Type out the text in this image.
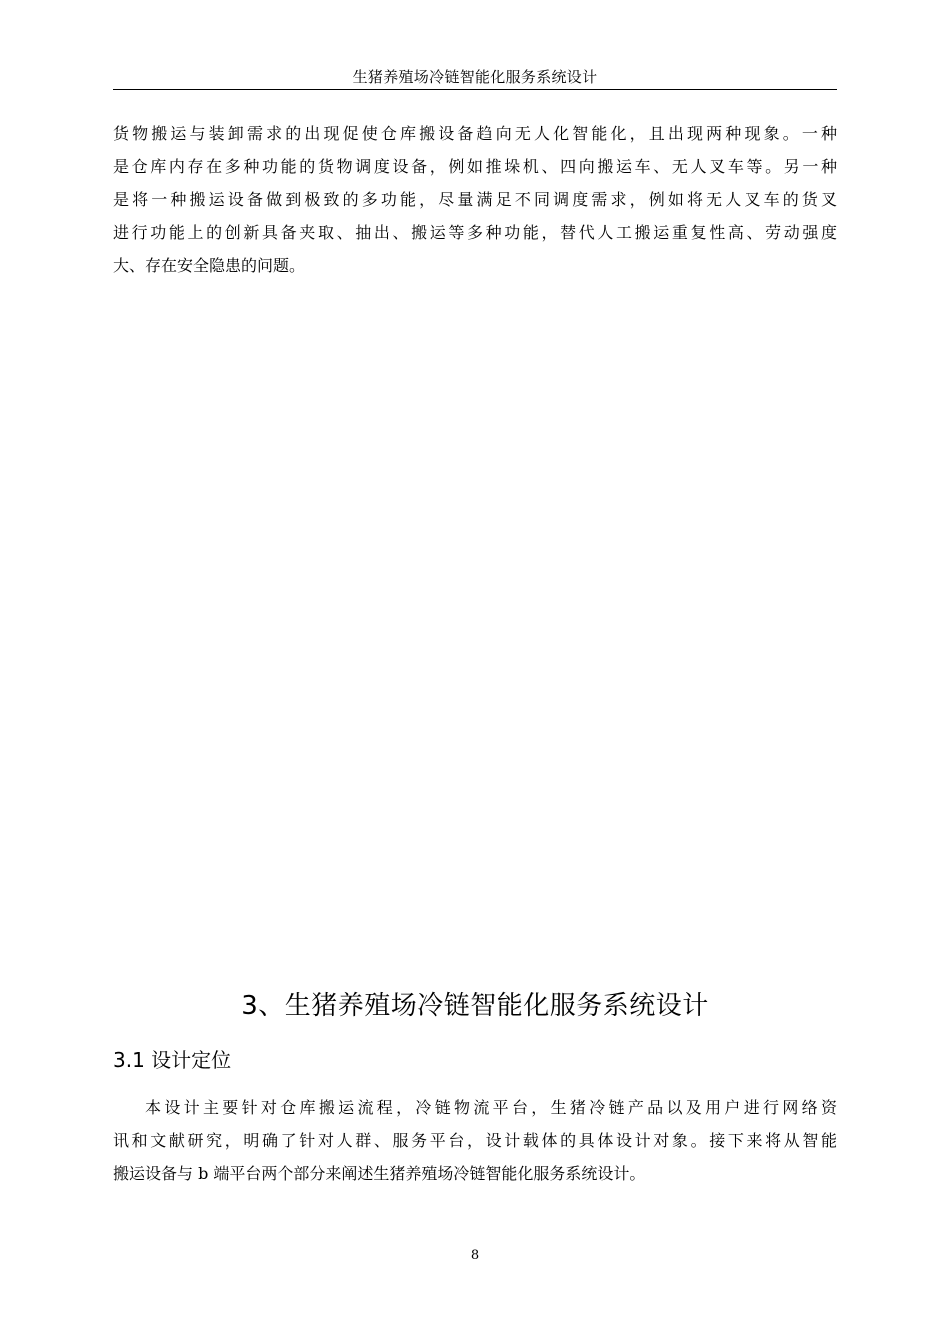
生猪养殖场冷链智能化服务系统设计
货物搬运与装卸需求的出现促使仓库搬设备趋向无人化智能化，且出现两种现象。一种
是仓库内存在多种功能的货物调度设备，例如推垛机、四向搬运车、无人叉车等。另一种
是将一种搬运设备做到极致的多功能，尽量满足不同调度需求，例如将无人叉车的货叉
进行功能上的创新具备夹取、抽出、搬运等多种功能，替代人工搬运重复性高、劳动强度
大、存在安全隐患的问题。
3、生猪养殖场冷链智能化服务系统设计
3.1 设计定位
本设计主要针对仓库搬运流程，冷链物流平台，生猪冷链产品以及用户进行网络资
讯和文献研究，明确了针对人群、服务平台，设计载体的具体设计对象。接下来将从智能
搬运设备与 b 端平台两个部分来阐述生猪养殖场冷链智能化服务系统设计。
8
